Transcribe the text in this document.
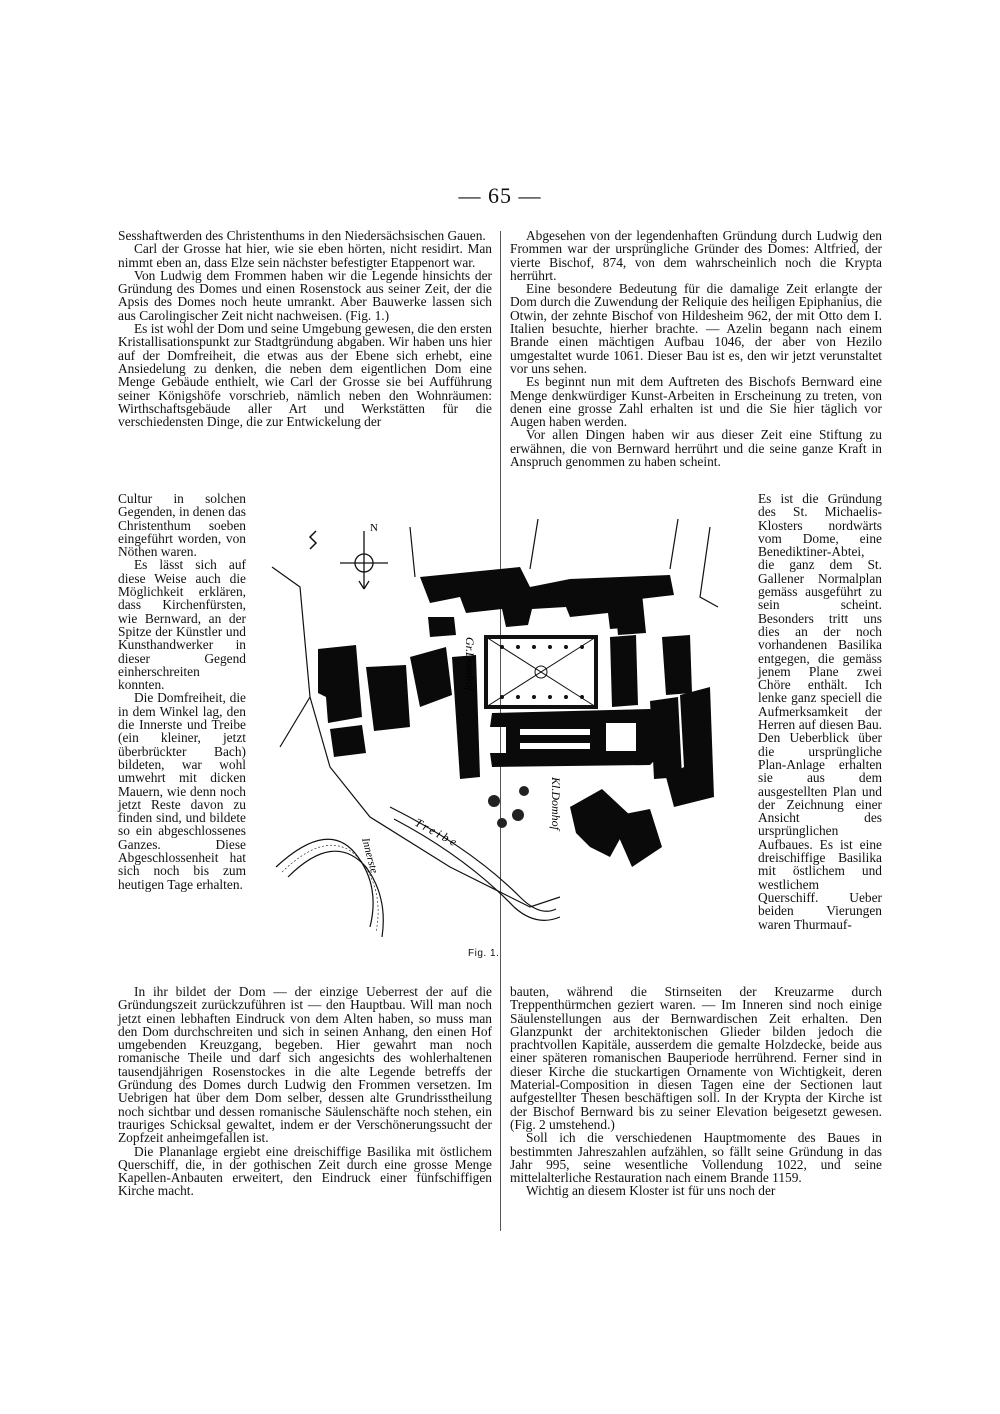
— 65 —

Sesshaftwerden des Christenthums in den Niedersächsischen Gauen.

Carl der Grosse hat hier, wie sie eben hörten, nicht residirt. Man nimmt eben an, dass Elze sein nächster befestigter Etappenort war.

Von Ludwig dem Frommen haben wir die Legende hinsichts der Gründung des Domes und einen Rosenstock aus seiner Zeit, der die Apsis des Domes noch heute umrankt. Aber Bauwerke lassen sich aus Carolingischer Zeit nicht nachweisen. (Fig. 1.)

Es ist wohl der Dom und seine Umgebung gewesen, die den ersten Kristallisationspunkt zur Stadtgründung abgaben. Wir haben uns hier auf der Domfreiheit, die etwas aus der Ebene sich erhebt, eine Ansiedelung zu denken, die neben dem eigentlichen Dom eine Menge Gebäude enthielt, wie Carl der Grosse sie bei Aufführung seiner Königshöfe vorschrieb, nämlich neben den Wohnräumen: Wirthschaftsgebäude aller Art und Werkstätten für die verschiedensten Dinge, die zur Entwickelung der

Cultur in solchen Gegenden, in denen das Christenthum soeben eingeführt worden, von Nöthen waren.

Es lässt sich auf diese Weise auch die Möglichkeit erklären, dass Kirchenfürsten, wie Bernward, an der Spitze der Künstler und Kunsthandwerker in dieser Gegend einherschreiten konnten.

Die Domfreiheit, die in dem Winkel lag, den die Innerste und Treibe (ein kleiner, jetzt überbrückter Bach) bildeten, war wohl umwehrt mit dicken Mauern, wie denn noch jetzt Reste davon zu finden sind, und bildete so ein abgeschlossenes Ganzes. Diese Abgeschlossenheit hat sich noch bis zum heutigen Tage erhalten.

In ihr bildet der Dom — der einzige Ueberrest der auf die Gründungszeit zurückzuführen ist — den Hauptbau. Will man noch jetzt einen lebhaften Eindruck von dem Alten haben, so muss man den Dom durchschreiten und sich in seinen Anhang, den einen Hof umgebenden Kreuzgang, begeben. Hier gewahrt man noch romanische Theile und darf sich angesichts des wohlerhaltenen tausendjährigen Rosenstockes in die alte Legende betreffs der Gründung des Domes durch Ludwig den Frommen versetzen. Im Uebrigen hat über dem Dom selber, dessen alte Grundrisstheilung noch sichtbar und dessen romanische Säulenschäfte noch stehen, ein trauriges Schicksal gewaltet, indem er der Verschönerungssucht der Zopfzeit anheimgefallen ist.

Die Plananlage ergiebt eine dreischiffige Basilika mit östlichem Querschiff, die, in der gothischen Zeit durch eine grosse Menge Kapellen-Anbauten erweitert, den Eindruck einer fünfschiffigen Kirche macht.

Abgesehen von der legendenhaften Gründung durch Ludwig den Frommen war der ursprüngliche Gründer des Domes: Altfried, der vierte Bischof, 874, von dem wahrscheinlich noch die Krypta herrührt.

Eine besondere Bedeutung für die damalige Zeit erlangte der Dom durch die Zuwendung der Reliquie des heiligen Epiphanius, die Otwin, der zehnte Bischof von Hildesheim 962, der mit Otto dem I. Italien besuchte, hierher brachte. — Azelin begann nach einem Brande einen mächtigen Aufbau 1046, der aber von Hezilo umgestaltet wurde 1061. Dieser Bau ist es, den wir jetzt verunstaltet vor uns sehen.

Es beginnt nun mit dem Auftreten des Bischofs Bernward eine Menge denkwürdiger Kunst-Arbeiten in Erscheinung zu treten, von denen eine grosse Zahl erhalten ist und die Sie hier täglich vor Augen haben werden.

Vor allen Dingen haben wir aus dieser Zeit eine Stiftung zu erwähnen, die von Bernward herrührt und die seine ganze Kraft in Anspruch genommen zu haben scheint.

Es ist die Gründung des St. Michaelis-Klosters nordwärts vom Dome, eine Benediktiner-Abtei, die ganz dem St. Gallener Normalplan gemäss ausgeführt zu sein scheint. Besonders tritt uns dies an der noch vorhandenen Basilika entgegen, die gemäss jenem Plane zwei Chöre enthält. Ich lenke ganz speciell die Aufmerksamkeit der Herren auf diesen Bau. Den Ueberblick über die ursprüngliche Plan-Anlage erhalten sie aus dem ausgestellten Plan und der Zeichnung einer Ansicht des ursprünglichen Aufbaues. Es ist eine dreischiffige Basilika mit östlichem und westlichem Querschiff. Ueber beiden Vierungen waren Thurmauf-

bauten, während die Stirnseiten der Kreuzarme durch Treppenthürmchen geziert waren. — Im Inneren sind noch einige Säulenstellungen aus der Bernwardischen Zeit erhalten. Den Glanzpunkt der architektonischen Glieder bilden jedoch die prachtvollen Kapitäle, ausserdem die gemalte Holzdecke, beide aus einer späteren romanischen Bauperiode herrührend. Ferner sind in dieser Kirche die stuckartigen Ornamente von Wichtigkeit, deren Material-Composition in diesen Tagen eine der Sectionen laut aufgestellter Thesen beschäftigen soll. In der Krypta der Kirche ist der Bischof Bernward bis zu seiner Elevation beigesetzt gewesen. (Fig. 2 umstehend.)

Soll ich die verschiedenen Hauptmomente des Baues in bestimmten Jahreszahlen aufzählen, so fällt seine Gründung in das Jahr 995, seine wesentliche Vollendung 1022, und seine mittelalterliche Restauration nach einem Brande 1159.

Wichtig an diesem Kloster ist für uns noch der

N
Gr.Domhof
Kl.Domhof
Treibe
Innerste
Fig. 1.
